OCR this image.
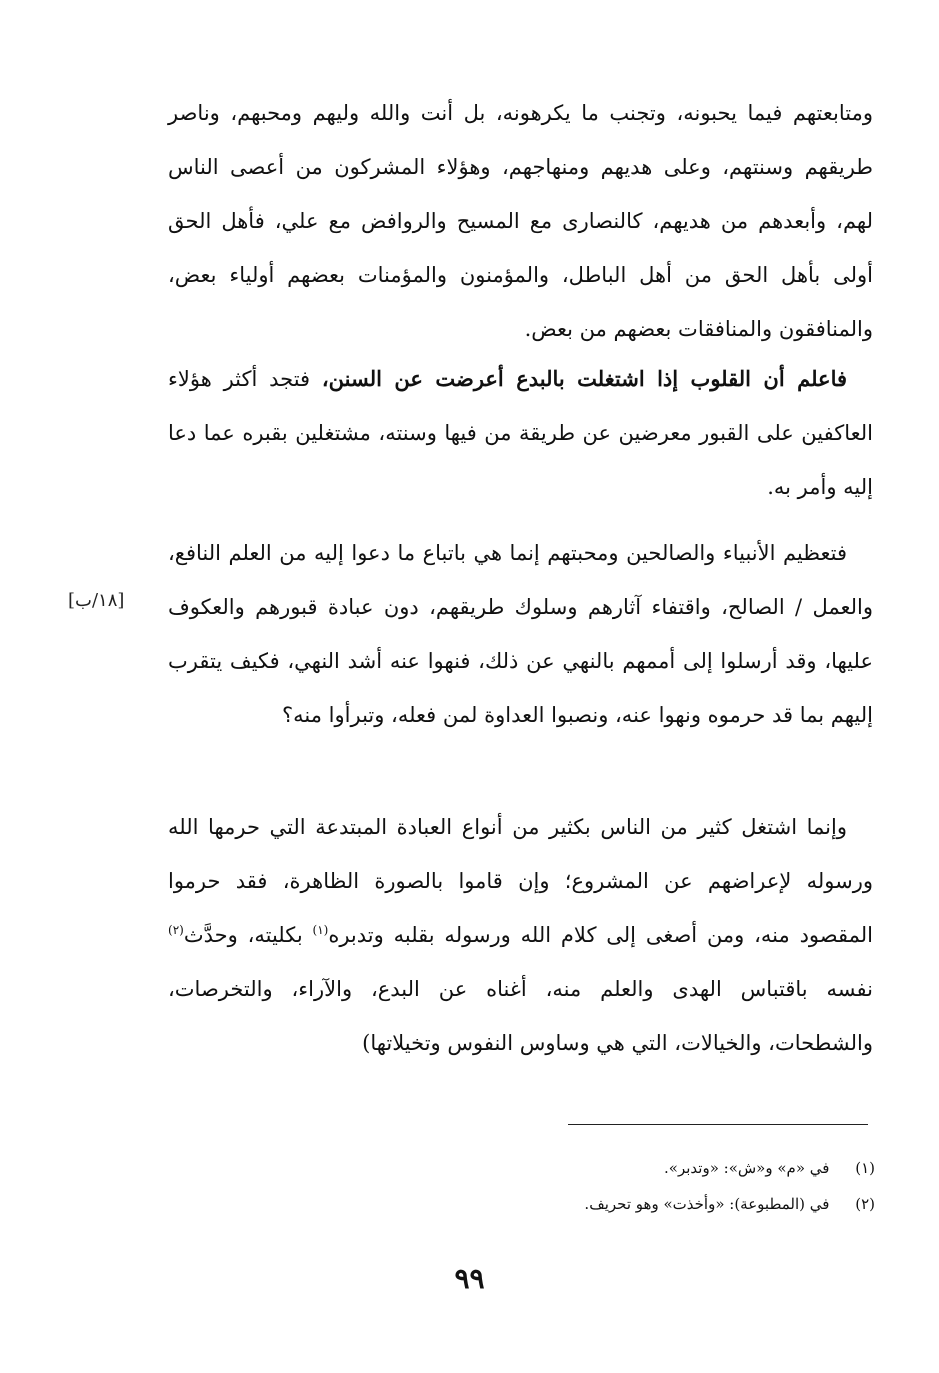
ومتابعتهم فيما يحبونه، وتجنب ما يكرهونه، بل أنت والله وليهم ومحبهم، وناصر طريقهم وسنتهم، وعلى هديهم ومنهاجهم، وهؤلاء المشركون من أعصى الناس لهم، وأبعدهم من هديهم، كالنصارى مع المسيح والروافض مع علي، فأهل الحق أولى بأهل الحق من أهل الباطل، والمؤمنون والمؤمنات بعضهم أولياء بعض، والمنافقون والمنافقات بعضهم من بعض.

فاعلم أن القلوب إذا اشتغلت بالبدع أعرضت عن السنن، فتجد أكثر هؤلاء العاكفين على القبور معرضين عن طريقة من فيها وسنته، مشتغلين بقبره عما دعا إليه وأمر به.

فتعظيم الأنبياء والصالحين ومحبتهم إنما هي باتباع ما دعوا إليه من العلم النافع، والعمل / الصالح، واقتفاء آثارهم وسلوك طريقهم، دون عبادة قبورهم والعكوف عليها، وقد أرسلوا إلى أممهم بالنهي عن ذلك، فنهوا عنه أشد النهي، فكيف يتقرب إليهم بما قد حرموه ونهوا عنه، ونصبوا العداوة لمن فعله، وتبرأوا منه؟

[١٨/ب]

وإنما اشتغل كثير من الناس بكثير من أنواع العبادة المبتدعة التي حرمها الله ورسوله لإعراضهم عن المشروع؛ وإن قاموا بالصورة الظاهرة، فقد حرموا المقصود منه، ومن أصغى إلى كلام الله ورسوله بقلبه وتدبره$^{(١)}$ بكليته، وحدَّث$^{(٢)}$ نفسه باقتباس الهدى والعلم منه، أغناه عن البدع، والآراء، والتخرصات، والشطحات، والخيالات، التي هي وساوس النفوس وتخيلاتها)

(١)  في «م» و«ش»: «وتدبر».
(٢)  في (المطبوعة): «وأخذت» وهو تحريف.
٩٩
